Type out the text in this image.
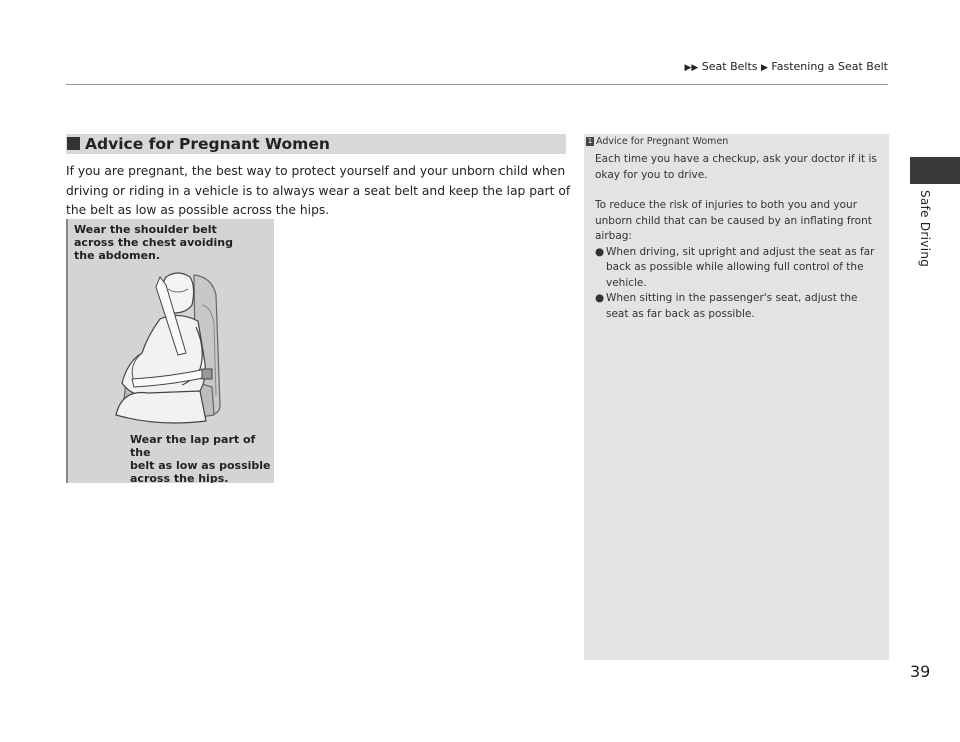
▶▶ Seat Belts ▶ Fastening a Seat Belt
Safe Driving
39
Advice for Pregnant Women
If you are pregnant, the best way to protect yourself and your unborn child when driving or riding in a vehicle is to always wear a seat belt and keep the lap part of the belt as low as possible across the hips.
Wear the shoulder belt
across the chest avoiding
the abdomen.
Wear the lap part of the
belt as low as possible
across the hips.
1 Advice for Pregnant Women

Each time you have a checkup, ask your doctor if it is okay for you to drive.

To reduce the risk of injuries to both you and your unborn child that can be caused by an inflating front airbag:

● When driving, sit upright and adjust the seat as far back as possible while allowing full control of the vehicle.
● When sitting in the passenger's seat, adjust the seat as far back as possible.
